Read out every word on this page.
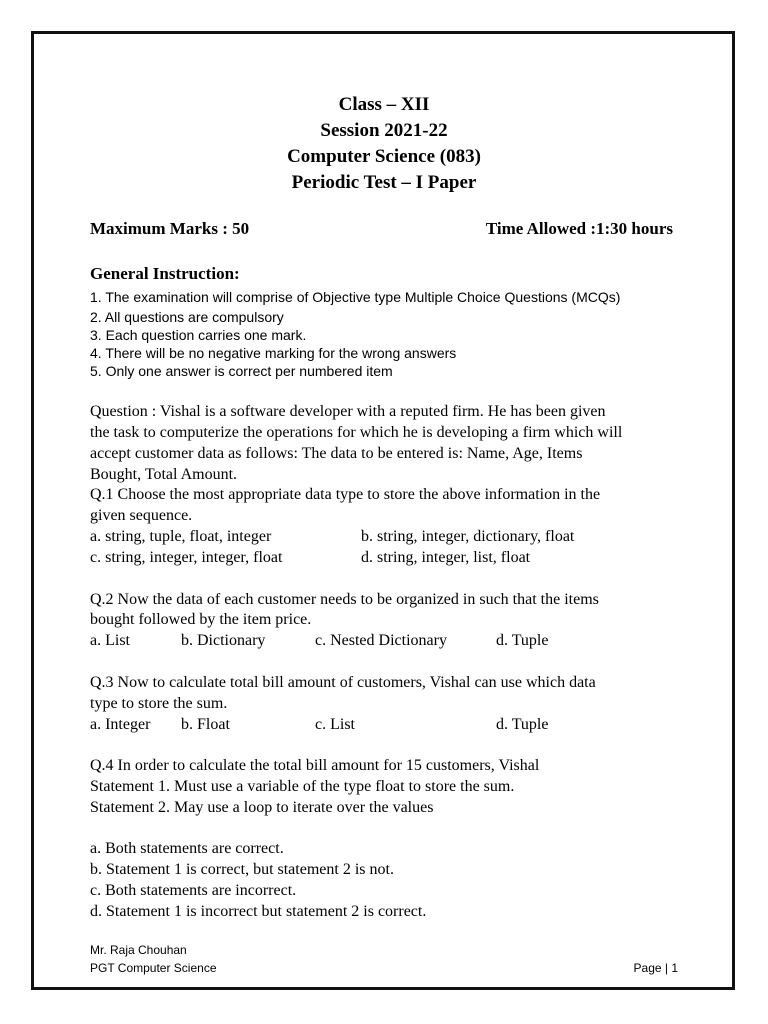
Class – XII
Session 2021-22
Computer Science (083)
Periodic Test – I Paper
Maximum Marks : 50	Time Allowed :1:30 hours
General Instruction:
1. The examination will comprise of Objective type Multiple Choice Questions (MCQs)
2. All questions are compulsory
3. Each question carries one mark.
4. There will be no negative marking for the wrong answers
5. Only one answer is correct per numbered item
Question : Vishal is a software developer with a reputed firm. He has been given
the task to computerize the operations for which he is developing a firm which will
accept customer data as follows: The data to be entered is: Name, Age, Items
Bought, Total Amount.
Q.1 Choose the most appropriate data type to store the above information in the
given sequence.
a. string, tuple, float, integer	b. string, integer, dictionary, float
c. string, integer, integer, float	d. string, integer, list, float
Q.2 Now the data of each customer needs to be organized in such that the items
bought followed by the item price.
a. List	b. Dictionary	c. Nested Dictionary	d. Tuple
Q.3 Now to calculate total bill amount of customers, Vishal can use which data
type to store the sum.
a. Integer b. Float	c. List	d. Tuple
Q.4 In order to calculate the total bill amount for 15 customers, Vishal
Statement 1. Must use a variable of the type float to store the sum.
Statement 2. May use a loop to iterate over the values
a. Both statements are correct.
b. Statement 1 is correct, but statement 2 is not.
c. Both statements are incorrect.
d. Statement 1 is incorrect but statement 2 is correct.
Mr. Raja Chouhan
PGT Computer Science	Page | 1
